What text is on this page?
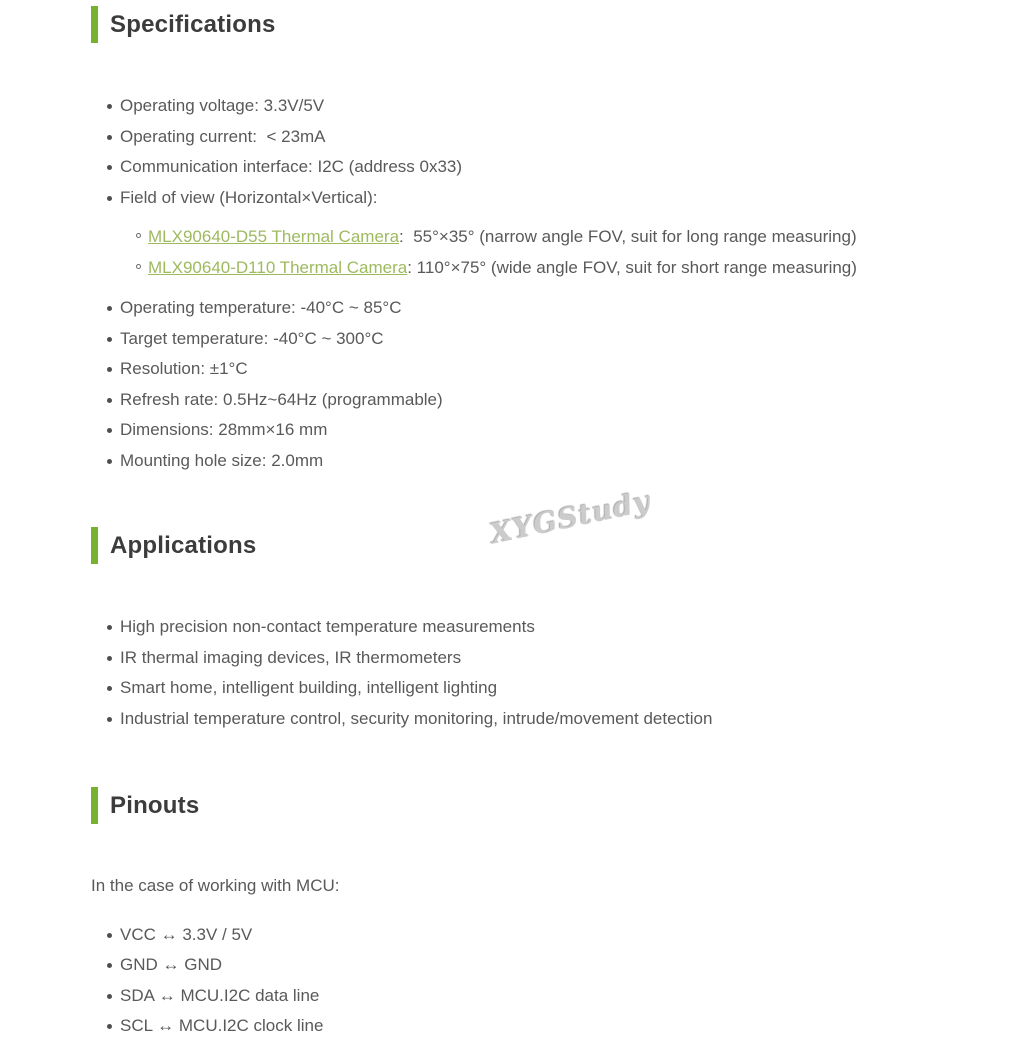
Specifications
Operating voltage: 3.3V/5V
Operating current:  < 23mA
Communication interface: I2C (address 0x33)
Field of view (Horizontal×Vertical):
MLX90640-D55 Thermal Camera:  55°×35° (narrow angle FOV, suit for long range measuring)
MLX90640-D110 Thermal Camera: 110°×75° (wide angle FOV, suit for short range measuring)
Operating temperature: -40°C ~ 85°C
Target temperature: -40°C ~ 300°C
Resolution: ±1°C
Refresh rate: 0.5Hz~64Hz (programmable)
Dimensions: 28mm×16 mm
Mounting hole size: 2.0mm
Applications
High precision non-contact temperature measurements
IR thermal imaging devices, IR thermometers
Smart home, intelligent building, intelligent lighting
Industrial temperature control, security monitoring, intrude/movement detection
Pinouts
In the case of working with MCU:
VCC ↔ 3.3V / 5V
GND ↔ GND
SDA ↔ MCU.I2C data line
SCL ↔ MCU.I2C clock line
XYGStudy
